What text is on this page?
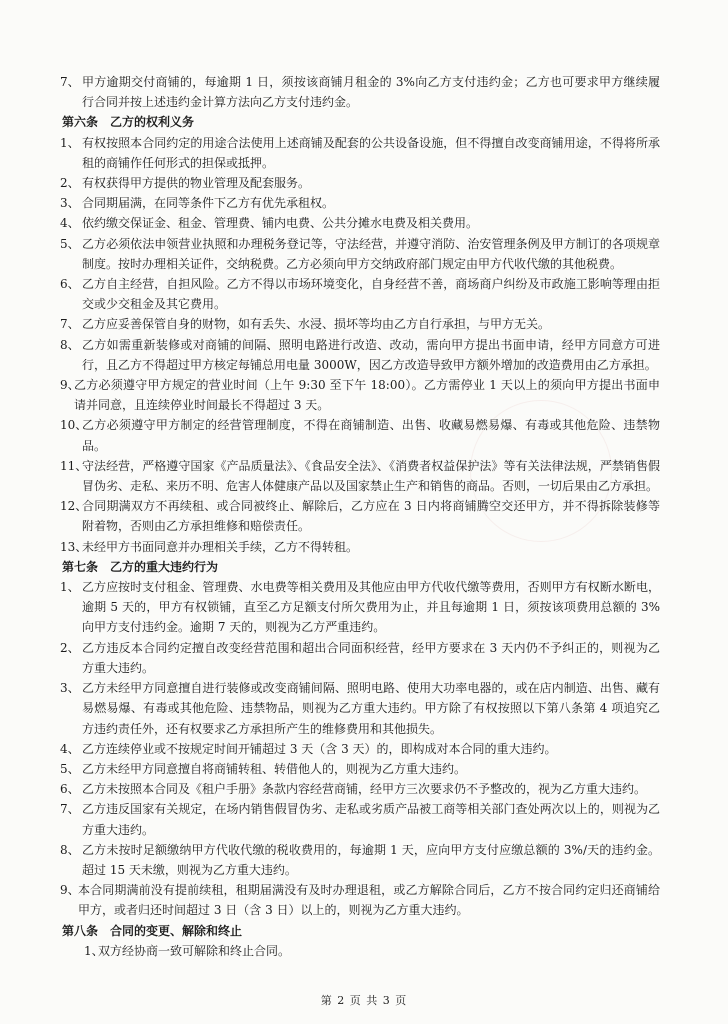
7、 甲方逾期交付商铺的，每逾期 1 日，须按该商铺月租金的 3%向乙方支付违约金；乙方也可要求甲方继续履行合同并按上述违约金计算方法向乙方支付违约金。
第六条　乙方的权利义务
1、 有权按照本合同约定的用途合法使用上述商铺及配套的公共设备设施，但不得擅自改变商铺用途，不得将所承租的商铺作任何形式的担保或抵押。
2、 有权获得甲方提供的物业管理及配套服务。
3、 合同期届满，在同等条件下乙方有优先承租权。
4、 依约缴交保证金、租金、管理费、铺内电费、公共分摊水电费及相关费用。
5、 乙方必须依法申领营业执照和办理税务登记等，守法经营，并遵守消防、治安管理条例及甲方制订的各项规章制度。按时办理相关证件，交纳税费。乙方必须向甲方交纳政府部门规定由甲方代收代缴的其他税费。
6、 乙方自主经营，自担风险。乙方不得以市场环境变化，自身经营不善，商场商户纠纷及市政施工影响等理由拒交或少交租金及其它费用。
7、 乙方应妥善保管自身的财物，如有丢失、水浸、损坏等均由乙方自行承担，与甲方无关。
8、 乙方如需重新装修或对商铺的间隔、照明电路进行改造、改动，需向甲方提出书面申请，经甲方同意方可进行，且乙方不得超过甲方核定每铺总用电量 3000W，因乙方改造导致甲方额外增加的改造费用由乙方承担。
9、
乙方必须遵守甲方规定的营业时间（上午 9:30 至下午 18:00）。乙方需停业 1 天以上的须向甲方提出书面申请并同意，且连续停业时间最长不得超过 3 天。
10、
乙方必须遵守甲方制定的经营管理制度，不得在商铺制造、出售、收藏易燃易爆、有毒或其他危险、违禁物品。
11、
守法经营，严格遵守国家《产品质量法》、《食品安全法》、《消费者权益保护法》等有关法律法规，严禁销售假冒伪劣、走私、来历不明、危害人体健康产品以及国家禁止生产和销售的商品。否则，一切后果由乙方承担。
12、
合同期满双方不再续租、或合同被终止、解除后，乙方应在 3 日内将商铺腾空交还甲方，并不得拆除装修等附着物，否则由乙方承担维修和赔偿责任。
13、
未经甲方书面同意并办理相关手续，乙方不得转租。
第七条　乙方的重大违约行为
1、 乙方应按时支付租金、管理费、水电费等相关费用及其他应由甲方代收代缴等费用，否则甲方有权断水断电，逾期 5 天的，甲方有权锁铺，直至乙方足额支付所欠费用为止，并且每逾期 1 日，须按该项费用总额的 3%向甲方支付违约金。逾期 7 天的，则视为乙方严重违约。
2、 乙方违反本合同约定擅自改变经营范围和超出合同面积经营，经甲方要求在 3 天内仍不予纠正的，则视为乙方重大违约。
3、 乙方未经甲方同意擅自进行装修或改变商铺间隔、照明电路、使用大功率电器的，或在店内制造、出售、藏有易燃易爆、有毒或其他危险、违禁物品，则视为乙方重大违约。甲方除了有权按照以下第八条第 4 项追究乙方违约责任外，还有权要求乙方承担所产生的维修费用和其他损失。
4、 乙方连续停业或不按规定时间开铺超过 3 天（含 3 天）的，即构成对本合同的重大违约。
5、 乙方未经甲方同意擅自将商铺转租、转借他人的，则视为乙方重大违约。
6、 乙方未按照本合同及《租户手册》条款内容经营商铺，经甲方三次要求仍不予整改的，视为乙方重大违约。
7、 乙方违反国家有关规定，在场内销售假冒伪劣、走私或劣质产品被工商等相关部门查处两次以上的，则视为乙方重大违约。
8、 乙方未按时足额缴纳甲方代收代缴的税收费用的，每逾期 1 天，应向甲方支付应缴总额的 3%/天的违约金。超过 15 天未缴，则视为乙方重大违约。
9、
本合同期满前没有提前续租，租期届满没有及时办理退租，或乙方解除合同后，乙方不按合同约定归还商铺给甲方，或者归还时间超过 3 日（含 3 日）以上的，则视为乙方重大违约。
第八条　合同的变更、解除和终止
1、
双方经协商一致可解除和终止合同。
第 2 页 共 3 页
